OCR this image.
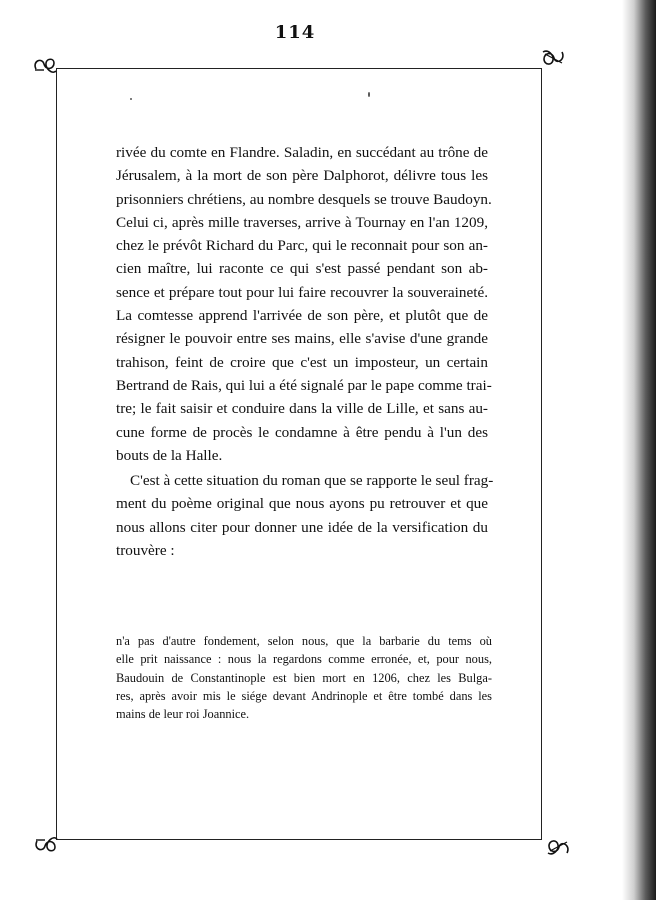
114
rivée du comte en Flandre. Saladin, en succédant au trône de
Jérusalem, à la mort de son père Dalphorot, délivre tous les
prisonniers chrétiens, au nombre desquels se trouve Baudoyn.
Celui ci, après mille traverses, arrive à Tournay en l'an 1209,
chez le prévôt Richard du Parc, qui le reconnait pour son an-
cien maître, lui raconte ce qui s'est passé pendant son ab-
sence et prépare tout pour lui faire recouvrer la souveraineté.
La comtesse apprend l'arrivée de son père, et plutôt que de
résigner le pouvoir entre ses mains, elle s'avise d'une grande
trahison, feint de croire que c'est un imposteur, un certain
Bertrand de Rais, qui lui a été signalé par le pape comme trai-
tre; le fait saisir et conduire dans la ville de Lille, et sans au-
cune forme de procès le condamne à être pendu à l'un des
bouts de la Halle.
C'est à cette situation du roman que se rapporte le seul frag-
ment du poème original que nous ayons pu retrouver et que
nous allons citer pour donner une idée de la versification du
trouvère :
n'a pas d'autre fondement, selon nous, que la barbarie du tems où
elle prit naissance : nous la regardons comme erronée, et, pour nous,
Baudouin de Constantinople est bien mort en 1206, chez les Bulga-
res, après avoir mis le siége devant Andrinople et être tombé dans les
mains de leur roi Joannice.
